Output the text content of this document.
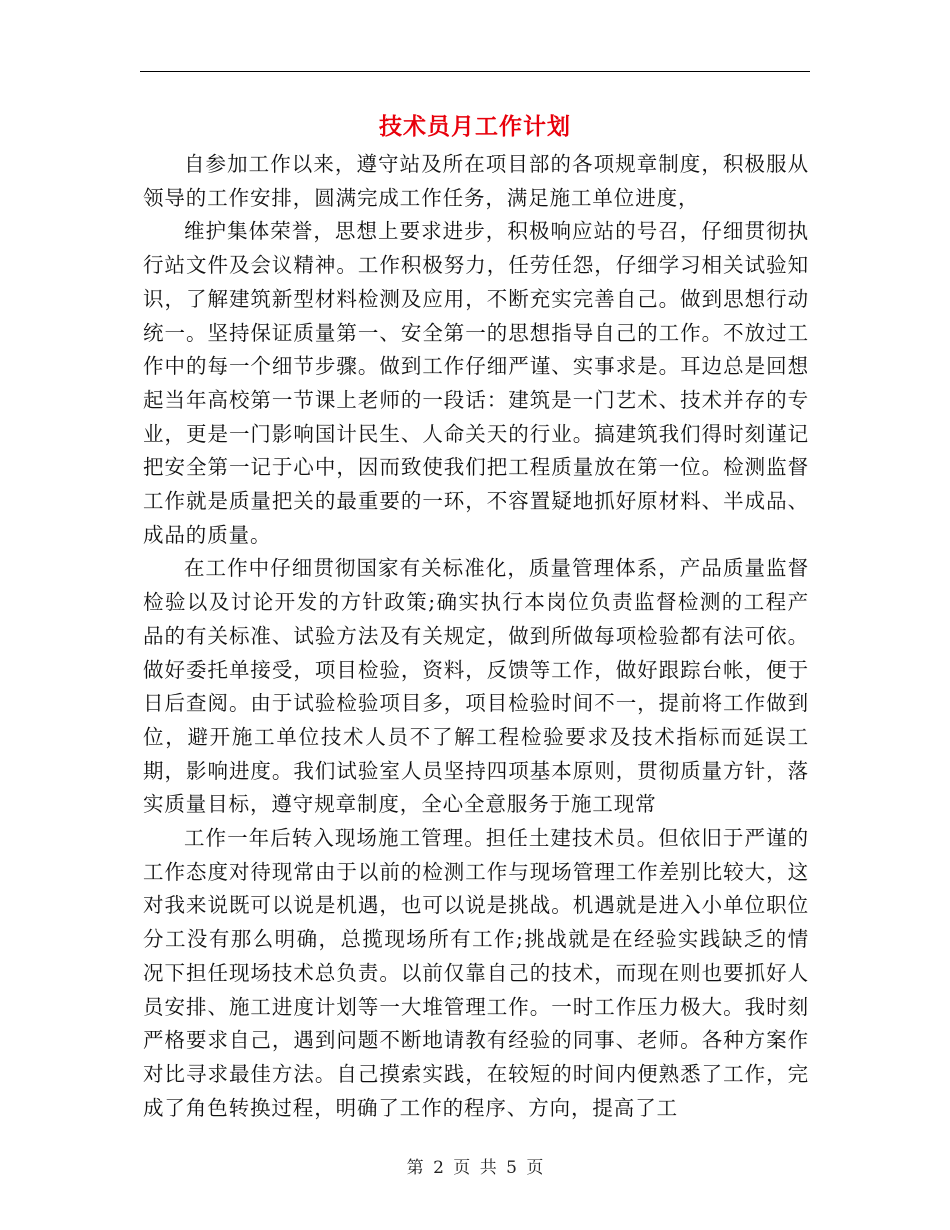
技术员月工作计划

自参加工作以来，遵守站及所在项目部的各项规章制度，积极服从领导的工作安排，圆满完成工作任务，满足施工单位进度，

维护集体荣誉，思想上要求进步，积极响应站的号召，仔细贯彻执行站文件及会议精神。工作积极努力，任劳任怨，仔细学习相关试验知识，了解建筑新型材料检测及应用，不断充实完善自己。做到思想行动统一。坚持保证质量第一、安全第一的思想指导自己的工作。不放过工作中的每一个细节步骤。做到工作仔细严谨、实事求是。耳边总是回想起当年高校第一节课上老师的一段话：建筑是一门艺术、技术并存的专业，更是一门影响国计民生、人命关天的行业。搞建筑我们得时刻谨记把安全第一记于心中，因而致使我们把工程质量放在第一位。检测监督工作就是质量把关的最重要的一环，不容置疑地抓好原材料、半成品、成品的质量。

在工作中仔细贯彻国家有关标准化，质量管理体系，产品质量监督检验以及讨论开发的方针政策;确实执行本岗位负责监督检测的工程产品的有关标准、试验方法及有关规定，做到所做每项检验都有法可依。做好委托单接受，项目检验，资料，反馈等工作，做好跟踪台帐，便于日后查阅。由于试验检验项目多，项目检验时间不一，提前将工作做到位，避开施工单位技术人员不了解工程检验要求及技术指标而延误工期，影响进度。我们试验室人员坚持四项基本原则，贯彻质量方针，落实质量目标，遵守规章制度，全心全意服务于施工现常

工作一年后转入现场施工管理。担任土建技术员。但依旧于严谨的工作态度对待现常由于以前的检测工作与现场管理工作差别比较大，这对我来说既可以说是机遇，也可以说是挑战。机遇就是进入小单位职位分工没有那么明确，总揽现场所有工作;挑战就是在经验实践缺乏的情况下担任现场技术总负责。以前仅靠自己的技术，而现在则也要抓好人员安排、施工进度计划等一大堆管理工作。一时工作压力极大。我时刻严格要求自己，遇到问题不断地请教有经验的同事、老师。各种方案作对比寻求最佳方法。自己摸索实践，在较短的时间内便熟悉了工作，完成了角色转换过程，明确了工作的程序、方向，提高了工

第 2 页 共 5 页
